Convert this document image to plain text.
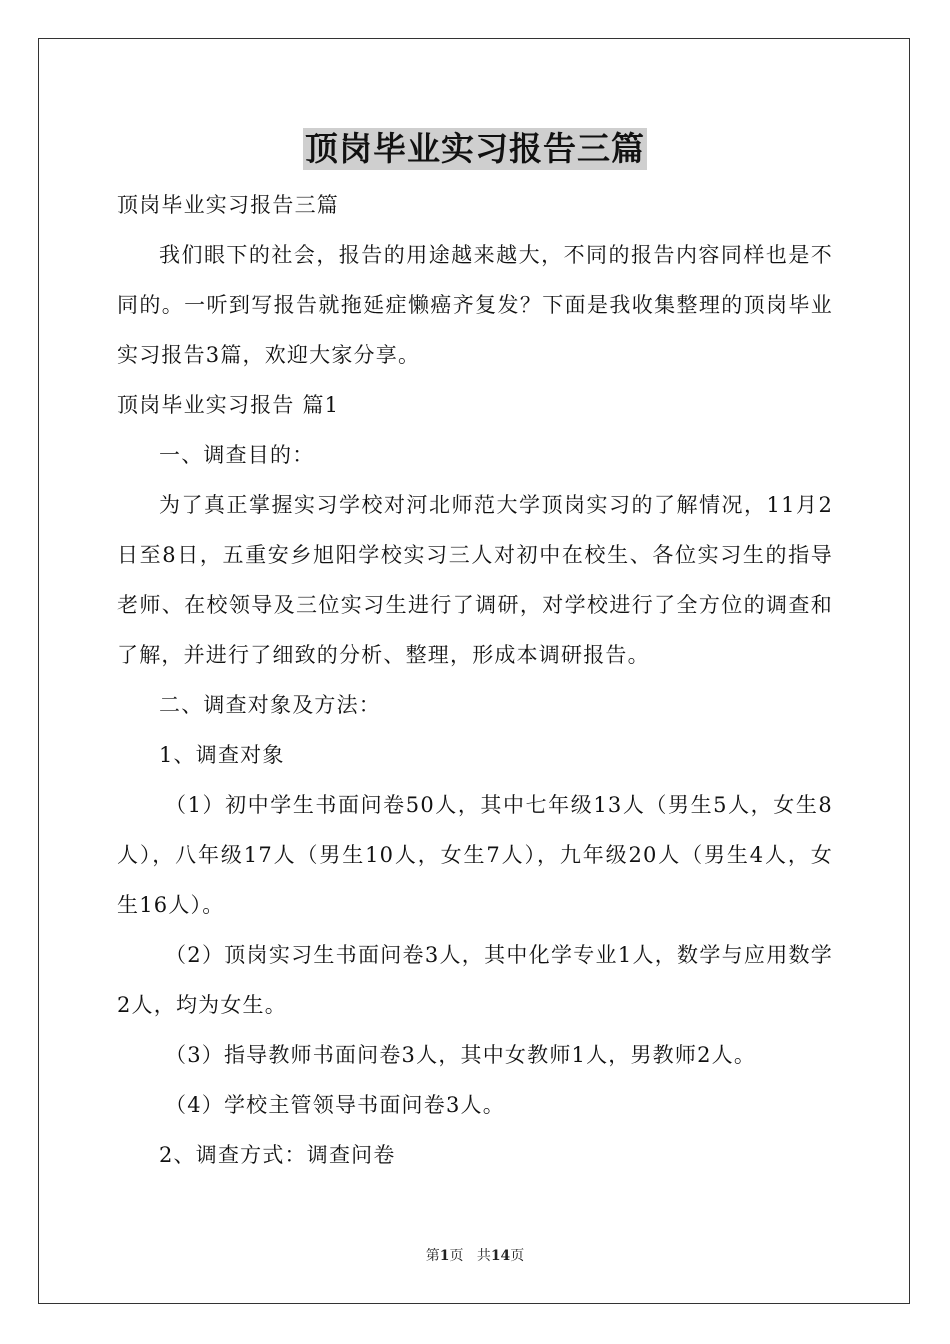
顶岗毕业实习报告三篇

顶岗毕业实习报告三篇

我们眼下的社会，报告的用途越来越大，不同的报告内容同样也是不同的。一听到写报告就拖延症懒癌齐复发？下面是我收集整理的顶岗毕业实习报告3篇，欢迎大家分享。

顶岗毕业实习报告 篇1

一、调查目的：

为了真正掌握实习学校对河北师范大学顶岗实习的了解情况，11月2日至8日，五重安乡旭阳学校实习三人对初中在校生、各位实习生的指导老师、在校领导及三位实习生进行了调研，对学校进行了全方位的调查和了解，并进行了细致的分析、整理，形成本调研报告。

二、调查对象及方法：

1、调查对象

（1）初中学生书面问卷50人，其中七年级13人（男生5人，女生8人），八年级17人（男生10人，女生7人），九年级20人（男生4人，女生16人）。

（2）顶岗实习生书面问卷3人，其中化学专业1人，数学与应用数学2人，均为女生。

（3）指导教师书面问卷3人，其中女教师1人，男教师2人。

（4）学校主管领导书面问卷3人。

2、调查方式：调查问卷

第1页 共14页
